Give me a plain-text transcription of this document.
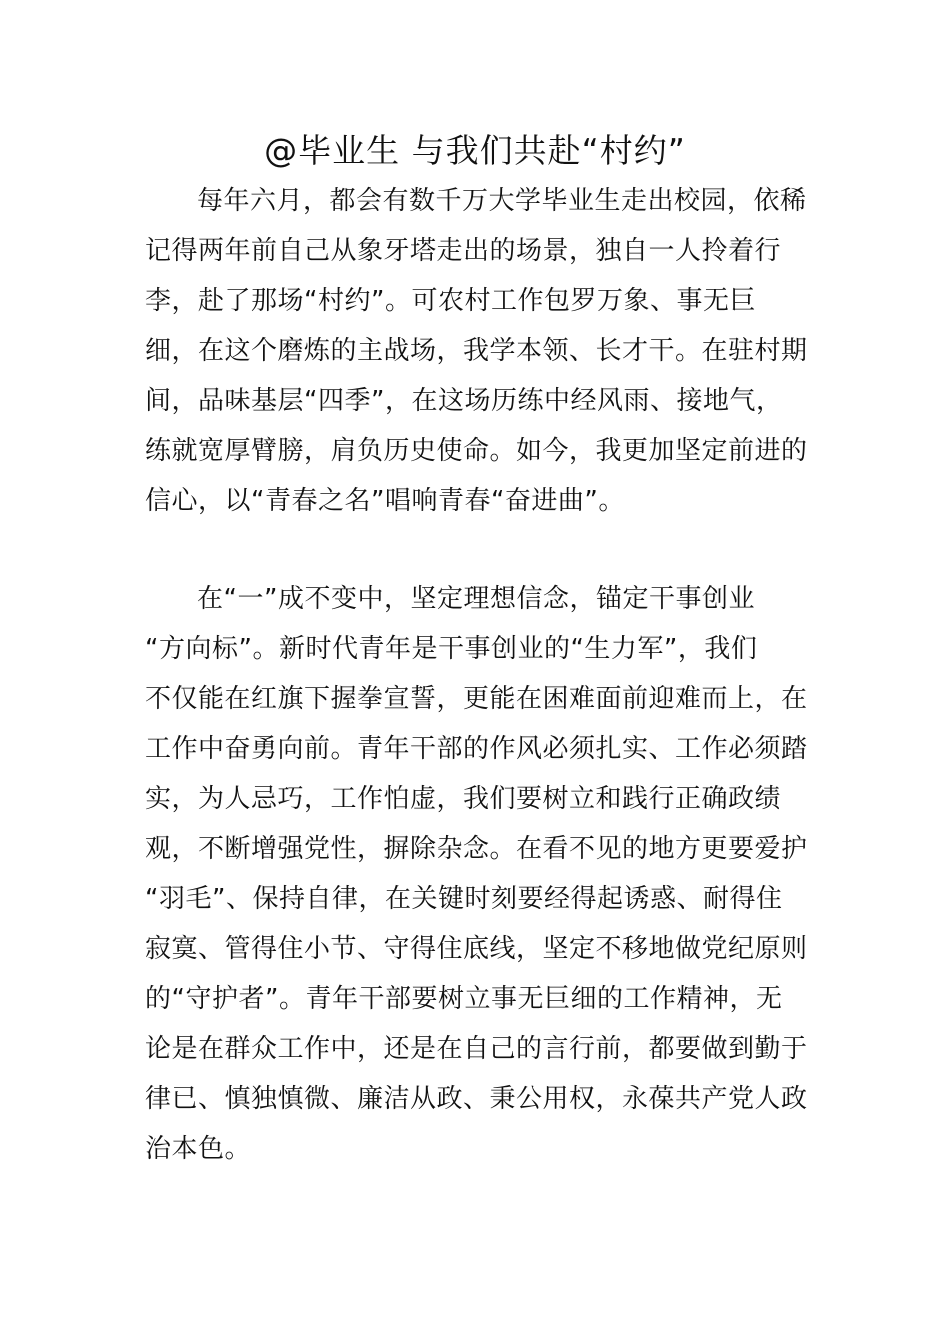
@毕业生 与我们共赴“村约”
每年六月，都会有数千万大学毕业生走出校园，依稀
记得两年前自己从象牙塔走出的场景，独自一人拎着行
李，赴了那场“村约”。可农村工作包罗万象、事无巨
细，在这个磨炼的主战场，我学本领、长才干。在驻村期
间，品味基层“四季”，在这场历练中经风雨、接地气，
练就宽厚臂膀，肩负历史使命。如今，我更加坚定前进的
信心，以“青春之名”唱响青春“奋进曲”。
在“一”成不变中，坚定理想信念，锚定干事创业
“方向标”。新时代青年是干事创业的“生力军”，我们
不仅能在红旗下握拳宣誓，更能在困难面前迎难而上，在
工作中奋勇向前。青年干部的作风必须扎实、工作必须踏
实，为人忌巧，工作怕虚，我们要树立和践行正确政绩
观，不断增强党性，摒除杂念。在看不见的地方更要爱护
“羽毛”、保持自律，在关键时刻要经得起诱惑、耐得住
寂寞、管得住小节、守得住底线，坚定不移地做党纪原则
的“守护者”。青年干部要树立事无巨细的工作精神，无
论是在群众工作中，还是在自己的言行前，都要做到勤于
律已、慎独慎微、廉洁从政、秉公用权，永葆共产党人政
治本色。
